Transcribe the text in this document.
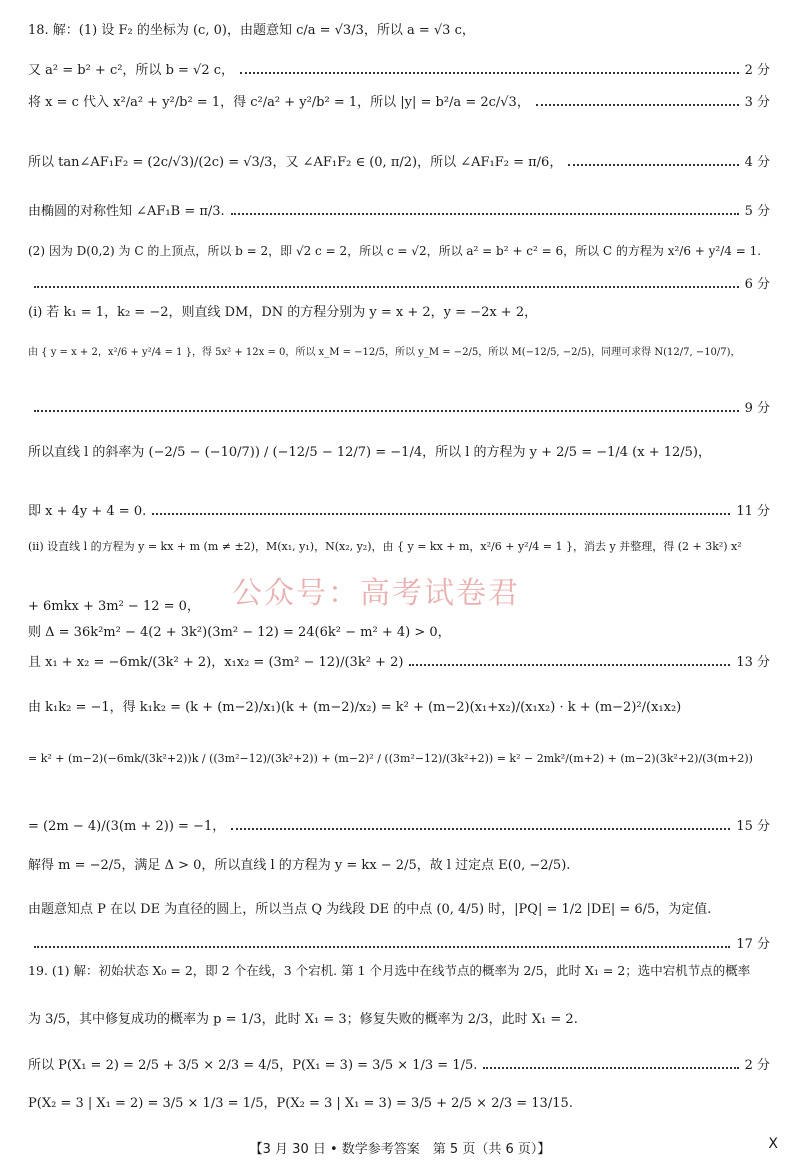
18. 解：(1) 设 F₂ 的坐标为 (c, 0)，由题意知 c/a = √3/3，所以 a = √3 c，
又 a² = b² + c²，所以 b = √2 c，	2 分
将 x = c 代入 x²/a² + y²/b² = 1，得 c²/a² + y²/b² = 1，所以 |y| = b²/a = 2c/√3，	3 分
所以 tan∠AF₁F₂ = (2c/√3)/(2c) = √3/3，又 ∠AF₁F₂ ∈ (0, π/2)，所以 ∠AF₁F₂ = π/6，	4 分
由椭圆的对称性知 ∠AF₁B = π/3.	5 分
(2) 因为 D(0,2) 为 C 的上顶点，所以 b = 2，即 √2 c = 2，所以 c = √2，所以 a² = b² + c² = 6，所以 C 的方程为 x²/6 + y²/4 = 1.
6 分
(ⅰ) 若 k₁ = 1，k₂ = −2，则直线 DM，DN 的方程分别为 y = x + 2，y = −2x + 2，
由 { y = x + 2，x²/6 + y²/4 = 1 }，得 5x² + 12x = 0，所以 x_M = −12/5，所以 y_M = −2/5，所以 M(−12/5, −2/5)，同理可求得 N(12/7, −10/7)，
9 分
所以直线 l 的斜率为 (−2/5 − (−10/7)) / (−12/5 − 12/7) = −1/4，所以 l 的方程为 y + 2/5 = −1/4 (x + 12/5)，
即 x + 4y + 4 = 0.	11 分
(ⅱ) 设直线 l 的方程为 y = kx + m (m ≠ ±2)，M(x₁, y₁)，N(x₂, y₂)，由 { y = kx + m，x²/6 + y²/4 = 1 }，消去 y 并整理，得 (2 + 3k²) x²
+ 6mkx + 3m² − 12 = 0，
则 Δ = 36k²m² − 4(2 + 3k²)(3m² − 12) = 24(6k² − m² + 4) > 0，
且 x₁ + x₂ = −6mk/(3k² + 2)，x₁x₂ = (3m² − 12)/(3k² + 2)	13 分
由 k₁k₂ = −1，得 k₁k₂ = (k + (m−2)/x₁)(k + (m−2)/x₂) = k² + (m−2)(x₁+x₂)/(x₁x₂) · k + (m−2)²/(x₁x₂)
= k² + (m−2)(−6mk/(3k²+2))k / ((3m²−12)/(3k²+2)) + (m−2)² / ((3m²−12)/(3k²+2)) = k² − 2mk²/(m+2) + (m−2)(3k²+2)/(3(m+2))
= (2m − 4)/(3(m + 2)) = −1，	15 分
解得 m = −2/5，满足 Δ > 0，所以直线 l 的方程为 y = kx − 2/5，故 l 过定点 E(0, −2/5).
由题意知点 P 在以 DE 为直径的圆上，所以当点 Q 为线段 DE 的中点 (0, 4/5) 时，|PQ| = 1/2 |DE| = 6/5，为定值.
17 分
19. (1) 解：初始状态 X₀ = 2，即 2 个在线，3 个宕机. 第 1 个月选中在线节点的概率为 2/5，此时 X₁ = 2；选中宕机节点的概率
为 3/5，其中修复成功的概率为 p = 1/3，此时 X₁ = 3；修复失败的概率为 2/3，此时 X₁ = 2.
所以 P(X₁ = 2) = 2/5 + 3/5 × 2/3 = 4/5，P(X₁ = 3) = 3/5 × 1/3 = 1/5.	2 分
P(X₂ = 3 | X₁ = 2) = 3/5 × 1/3 = 1/5，P(X₂ = 3 | X₁ = 3) = 3/5 + 2/5 × 2/3 = 13/15.
公众号：高考试卷君
【3 月 30 日 • 数学参考答案　第 5 页（共 6 页）】	X
